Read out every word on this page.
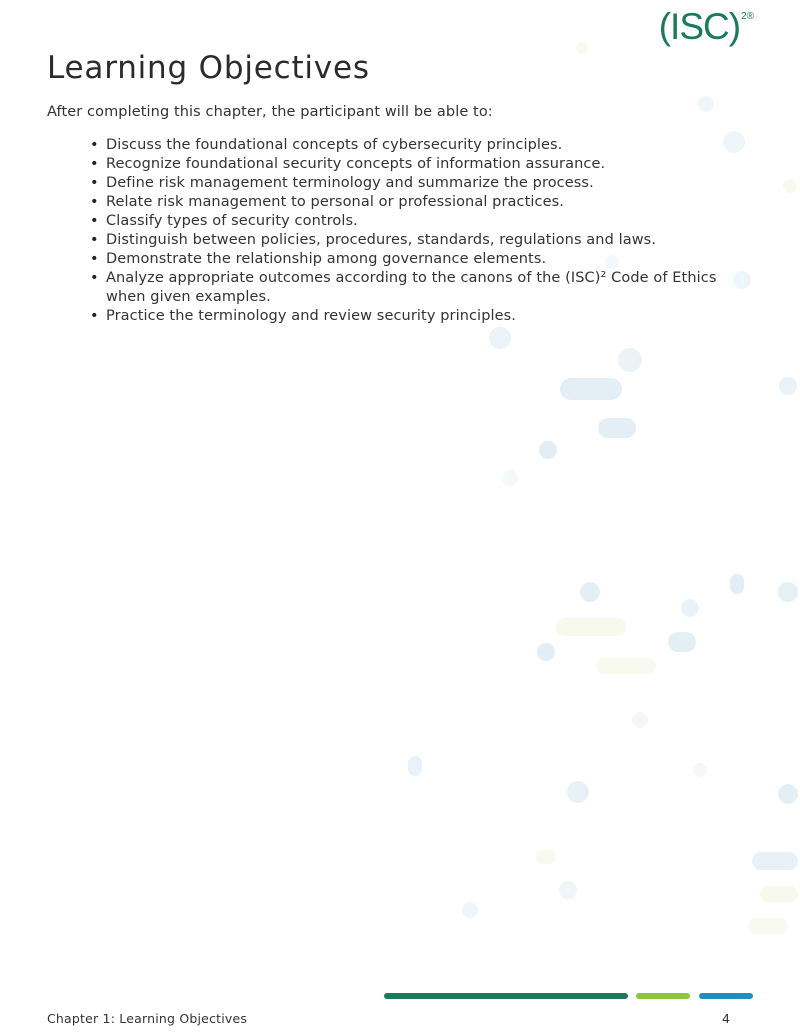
(ISC)$^{2®}$
Learning Objectives

After completing this chapter, the participant will be able to:

• Discuss the foundational concepts of cybersecurity principles.
• Recognize foundational security concepts of information assurance.
• Define risk management terminology and summarize the process.
• Relate risk management to personal or professional practices.
• Classify types of security controls.
• Distinguish between policies, procedures, standards, regulations and laws.
• Demonstrate the relationship among governance elements.
• Analyze appropriate outcomes according to the canons of the (ISC)² Code of Ethics when given examples.
• Practice the terminology and review security principles.
Chapter 1: Learning Objectives	4
